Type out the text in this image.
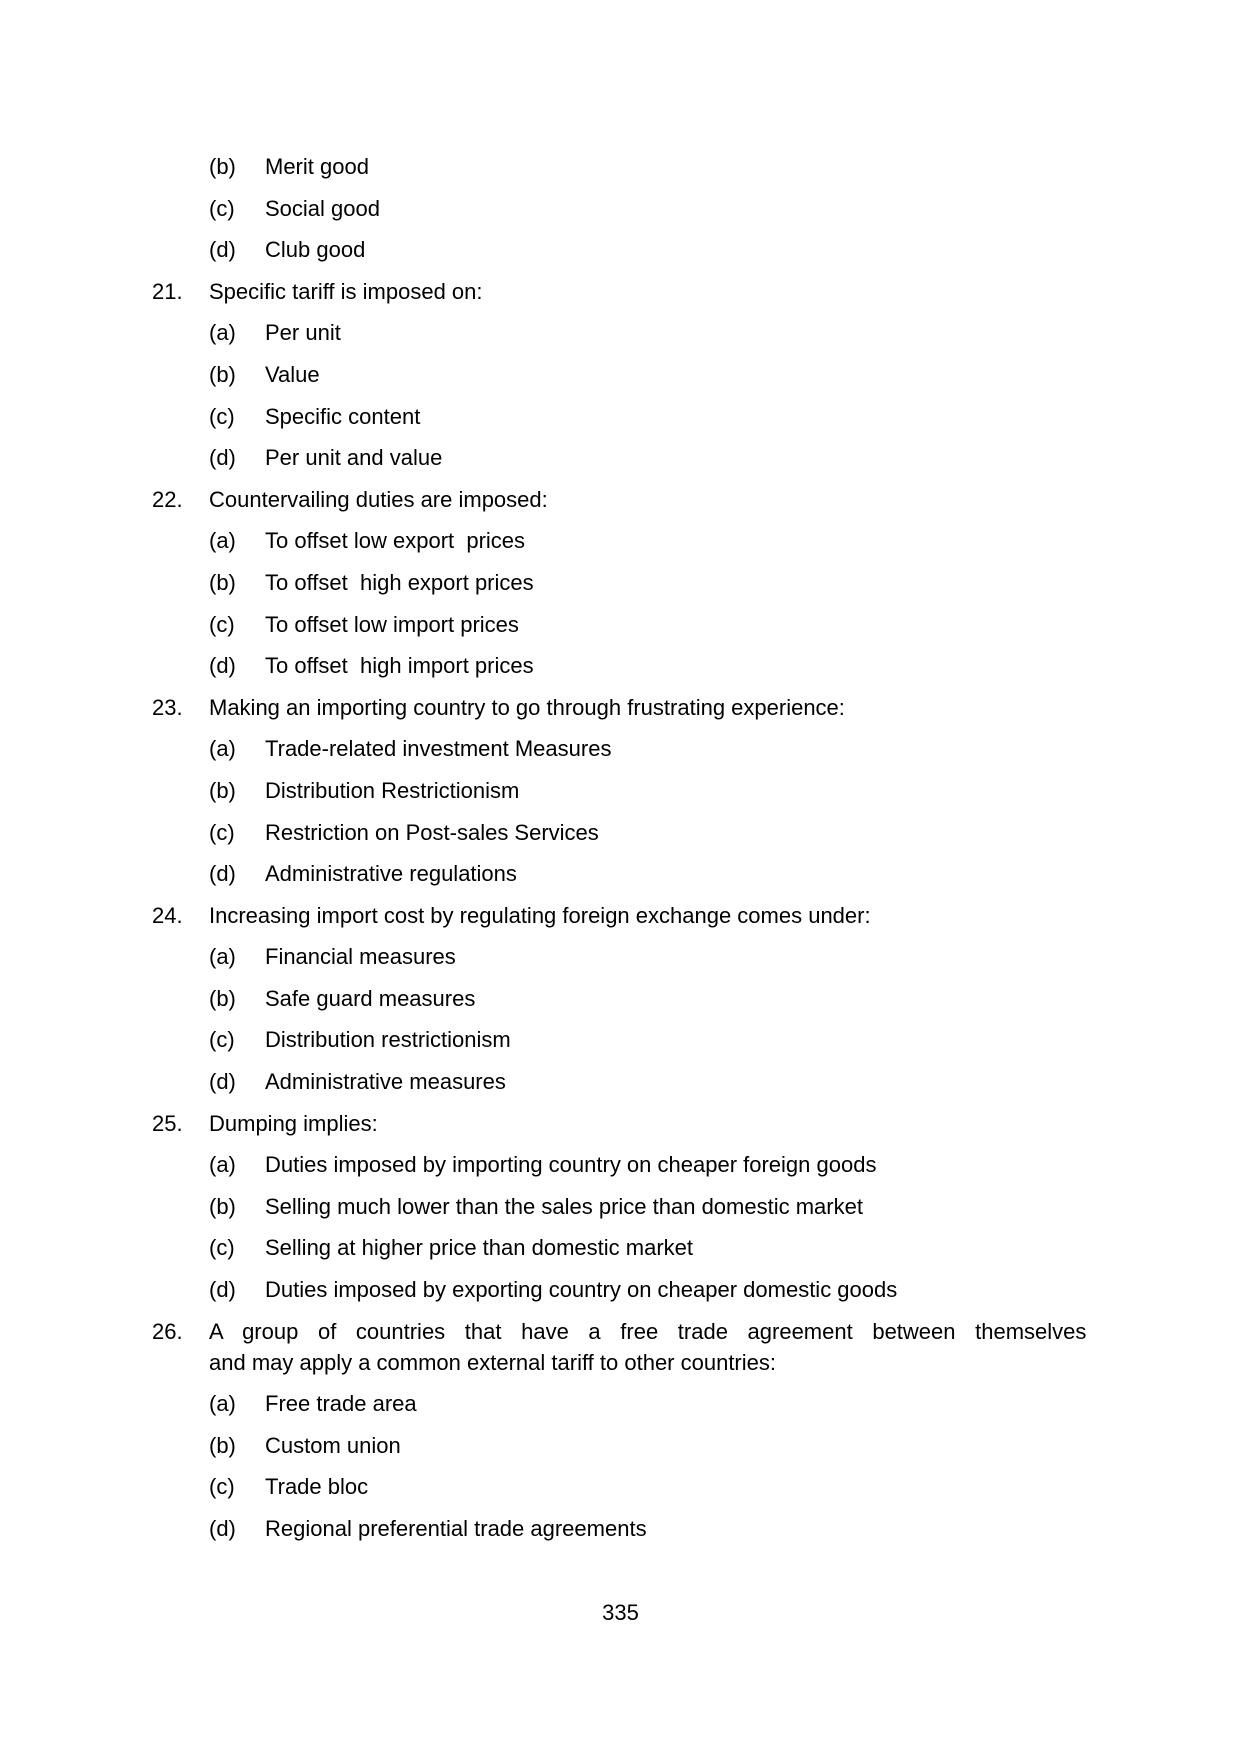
(b)	Merit good
(c)	Social good
(d)	Club good
21.	Specific tariff is imposed on:
(a)	Per unit
(b)	Value
(c)	Specific content
(d)	Per unit and value
22.	Countervailing duties are imposed:
(a)	To offset low export  prices
(b)	To offset  high export prices
(c)	To offset low import prices
(d)	To offset  high import prices
23.	Making an importing country to go through frustrating experience:
(a)	Trade-related investment Measures
(b)	Distribution Restrictionism
(c)	Restriction on Post-sales Services
(d)	Administrative regulations
24.	Increasing import cost by regulating foreign exchange comes under:
(a)	Financial measures
(b)	Safe guard measures
(c)	Distribution restrictionism
(d)	Administrative measures
25.	Dumping implies:
(a)	Duties imposed by importing country on cheaper foreign goods
(b)	Selling much lower than the sales price than domestic market
(c)	Selling at higher price than domestic market
(d)	Duties imposed by exporting country on cheaper domestic goods
26.	A group of countries that have a free trade agreement between themselves
and may apply a common external tariff to other countries:
(a)	Free trade area
(b)	Custom union
(c)	Trade bloc
(d)	Regional preferential trade agreements
335
